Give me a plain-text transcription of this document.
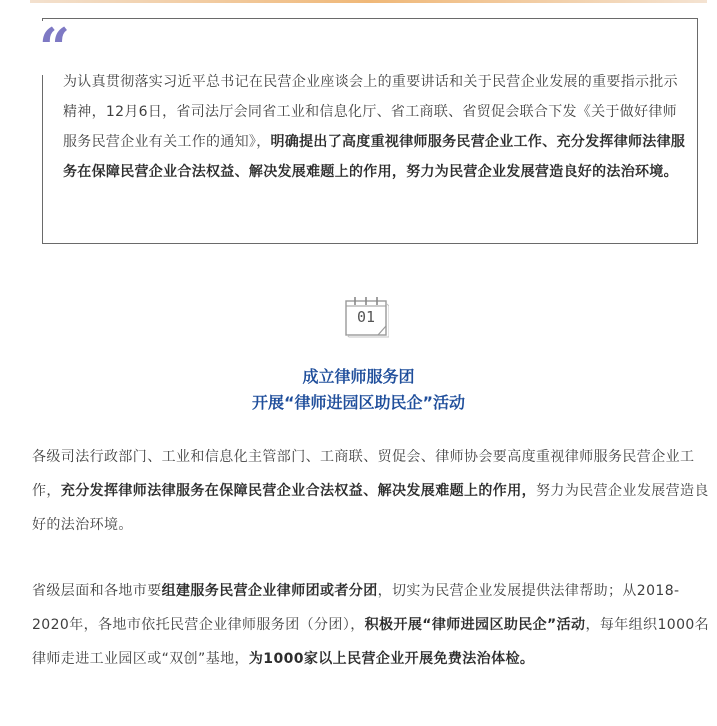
“
为认真贯彻落实习近平总书记在民营企业座谈会上的重要讲话和关于民营企业发展的重要指示批示精神，12月6日，省司法厅会同省工业和信息化厅、省工商联、省贸促会联合下发《关于做好律师服务民营企业有关工作的通知》，明确提出了高度重视律师服务民营企业工作、充分发挥律师法律服务在保障民营企业合法权益、解决发展难题上的作用，努力为民营企业发展营造良好的法治环境。
01
成立律师服务团
开展“律师进园区助民企”活动
各级司法行政部门、工业和信息化主管部门、工商联、贸促会、律师协会要高度重视律师服务民营企业工作，充分发挥律师法律服务在保障民营企业合法权益、解决发展难题上的作用，努力为民营企业发展营造良好的法治环境。
省级层面和各地市要组建服务民营企业律师团或者分团，切实为民营企业发展提供法律帮助；从2018-2020年，各地市依托民营企业律师服务团（分团），积极开展“律师进园区助民企”活动，每年组织1000名律师走进工业园区或“双创”基地，为1000家以上民营企业开展免费法治体检。
